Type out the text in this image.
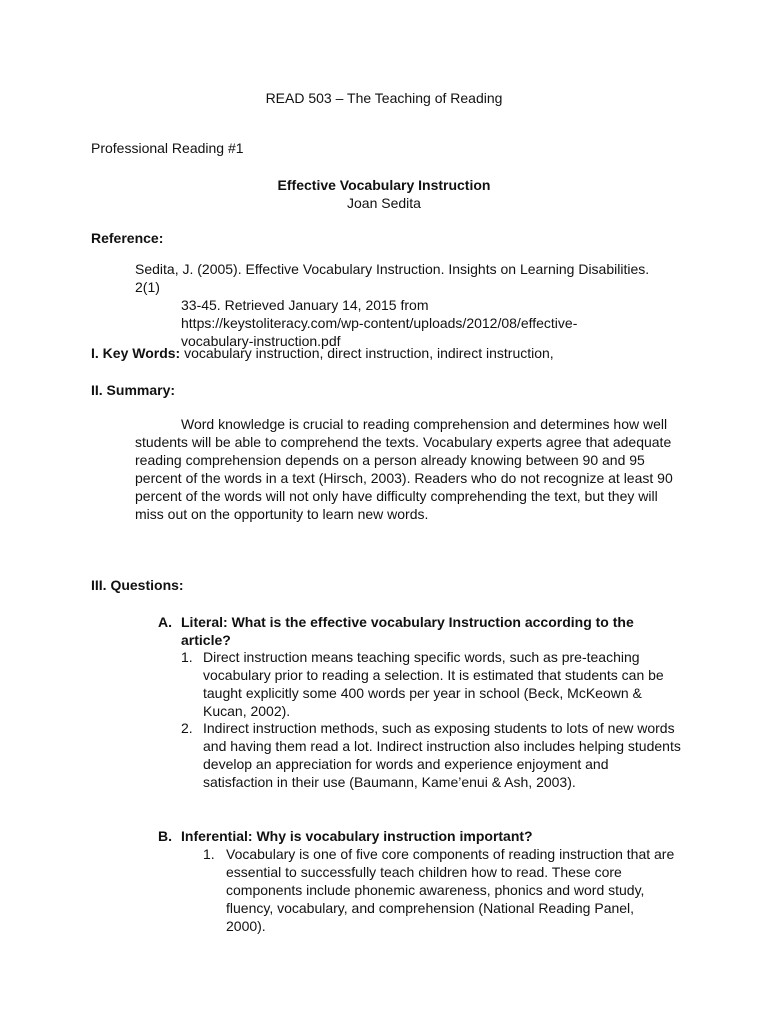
READ 503 – The Teaching of Reading
Professional Reading #1
Effective Vocabulary Instruction
Joan Sedita
Reference:
Sedita, J. (2005). Effective Vocabulary Instruction. Insights on Learning Disabilities. 2(1)
33-45. Retrieved January 14, 2015 from https://keystoliteracy.com/wp-content/uploads/2012/08/effective-vocabulary-instruction.pdf
I. Key Words: vocabulary instruction, direct instruction, indirect instruction,
II. Summary:
Word knowledge is crucial to reading comprehension and determines how well students will be able to comprehend the texts. Vocabulary experts agree that adequate reading comprehension depends on a person already knowing between 90 and 95 percent of the words in a text (Hirsch, 2003). Readers who do not recognize at least 90 percent of the words will not only have difficulty comprehending the text, but they will miss out on the opportunity to learn new words.
III. Questions:
A. Literal: What is the effective vocabulary Instruction according to the article?
1. Direct instruction means teaching specific words, such as pre-teaching vocabulary prior to reading a selection. It is estimated that students can be taught explicitly some 400 words per year in school (Beck, McKeown & Kucan, 2002).
2. Indirect instruction methods, such as exposing students to lots of new words and having them read a lot. Indirect instruction also includes helping students develop an appreciation for words and experience enjoyment and satisfaction in their use (Baumann, Kame’enui & Ash, 2003).
B. Inferential: Why is vocabulary instruction important?
1. Vocabulary is one of five core components of reading instruction that are essential to successfully teach children how to read. These core components include phonemic awareness, phonics and word study, fluency, vocabulary, and comprehension (National Reading Panel, 2000).
